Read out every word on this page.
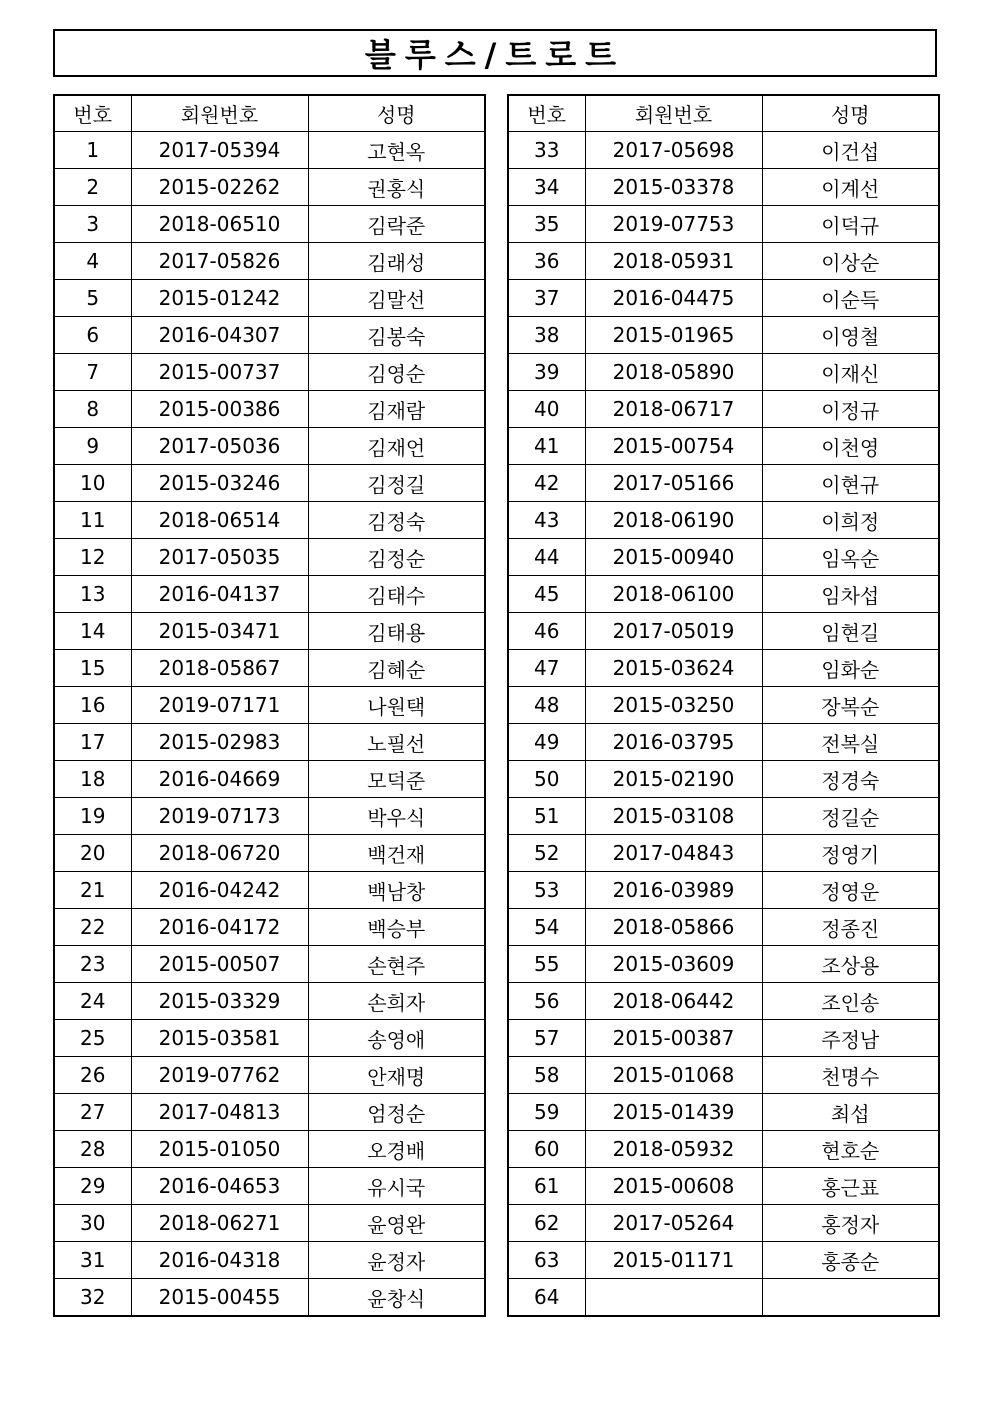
블루스/트로트
번호	회원번호	성명
1	2017-05394	고현옥
2	2015-02262	권홍식
3	2018-06510	김락준
4	2017-05826	김래성
5	2015-01242	김말선
6	2016-04307	김봉숙
7	2015-00737	김영순
8	2015-00386	김재람
9	2017-05036	김재언
10	2015-03246	김정길
11	2018-06514	김정숙
12	2017-05035	김정순
13	2016-04137	김태수
14	2015-03471	김태용
15	2018-05867	김혜순
16	2019-07171	나원택
17	2015-02983	노필선
18	2016-04669	모덕준
19	2019-07173	박우식
20	2018-06720	백건재
21	2016-04242	백남창
22	2016-04172	백승부
23	2015-00507	손현주
24	2015-03329	손희자
25	2015-03581	송영애
26	2019-07762	안재명
27	2017-04813	엄정순
28	2015-01050	오경배
29	2016-04653	유시국
30	2018-06271	윤영완
31	2016-04318	윤정자
32	2015-00455	윤창식
번호	회원번호	성명
33	2017-05698	이건섭
34	2015-03378	이계선
35	2019-07753	이덕규
36	2018-05931	이상순
37	2016-04475	이순득
38	2015-01965	이영철
39	2018-05890	이재신
40	2018-06717	이정규
41	2015-00754	이천영
42	2017-05166	이현규
43	2018-06190	이희정
44	2015-00940	임옥순
45	2018-06100	임차섭
46	2017-05019	임현길
47	2015-03624	임화순
48	2015-03250	장복순
49	2016-03795	전복실
50	2015-02190	정경숙
51	2015-03108	정길순
52	2017-04843	정영기
53	2016-03989	정영운
54	2018-05866	정종진
55	2015-03609	조상용
56	2018-06442	조인송
57	2015-00387	주정남
58	2015-01068	천명수
59	2015-01439	최섭
60	2018-05932	현호순
61	2015-00608	홍근표
62	2017-05264	홍정자
63	2015-01171	홍종순
64		
